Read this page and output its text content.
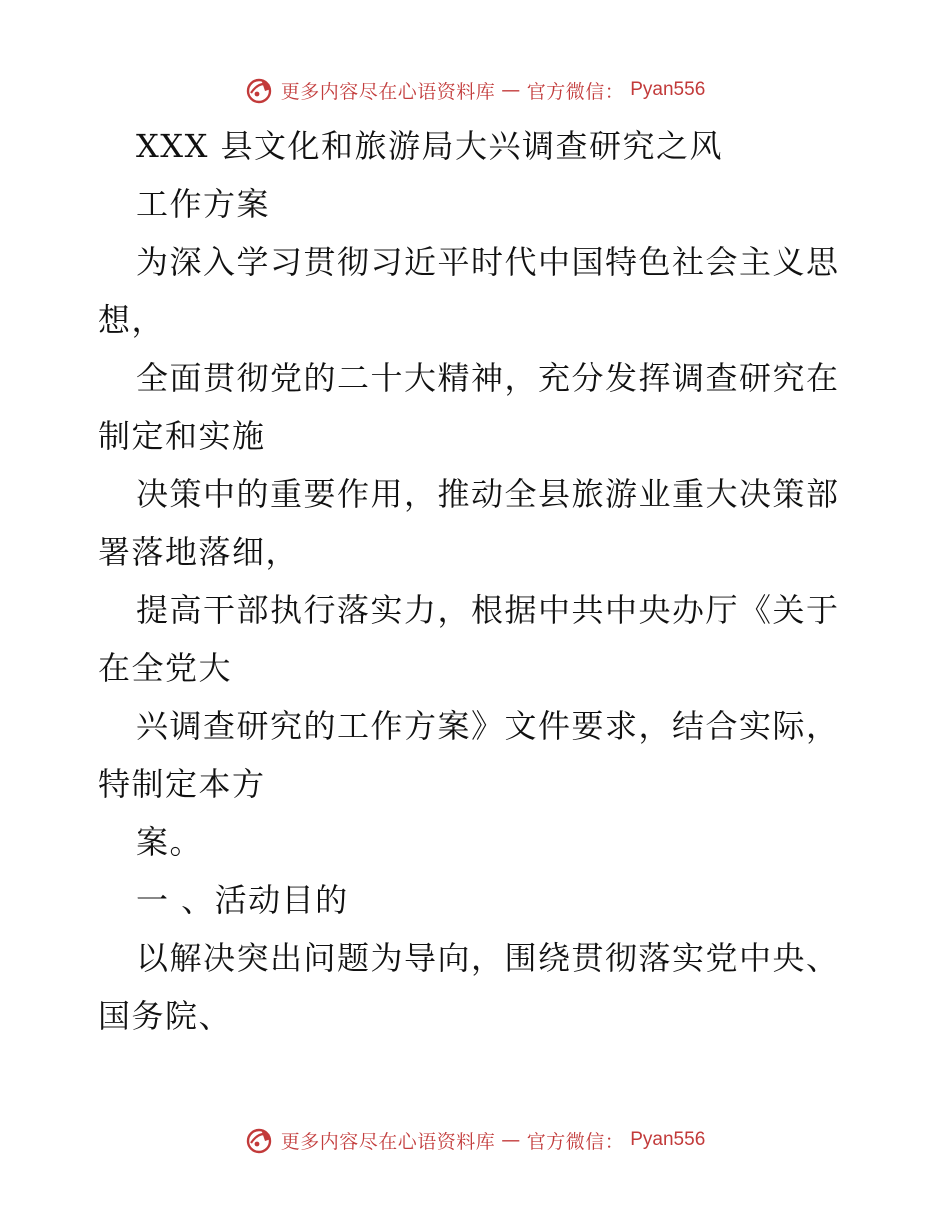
更多内容尽在心语资料库 — 官方微信： Pyan556
XXX 县文化和旅游局大兴调查研究之风
工作方案
为深入学习贯彻习近平时代中国特色社会主义思
想，
全面贯彻党的二十大精神，充分发挥调查研究在
制定和实施
决策中的重要作用，推动全县旅游业重大决策部
署落地落细，
提高干部执行落实力，根据中共中央办厅《关于
在全党大
兴调查研究的工作方案》文件要求，结合实际，
特制定本方
案。
一 、活动目的
以解决突出问题为导向，围绕贯彻落实党中央、
国务院、
更多内容尽在心语资料库 — 官方微信： Pyan556
